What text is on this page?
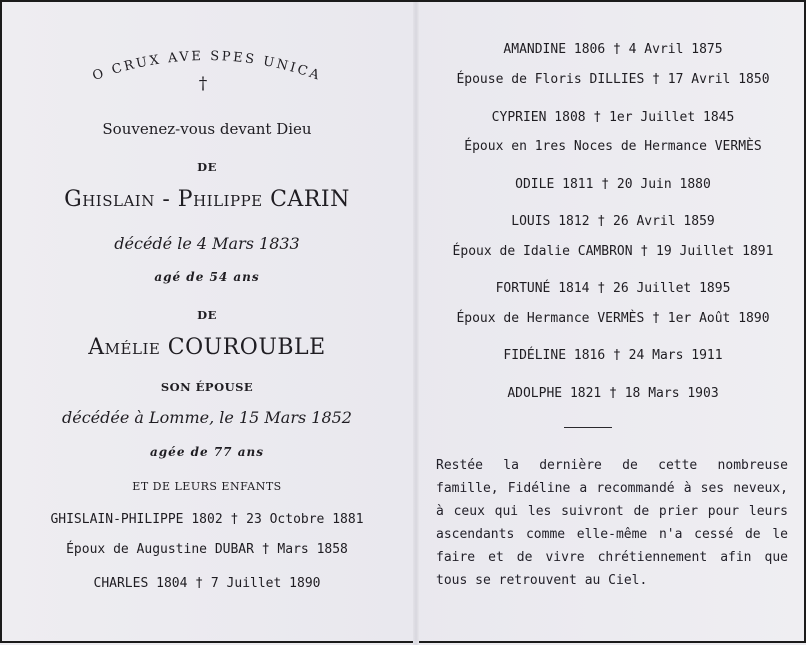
O CRUX AVE SPES UNICA
†
Souvenez-vous devant Dieu
DE
Ghislain - Philippe CARIN
décédé le 4 Mars 1833
agé de 54 ans
DE
Amélie COUROUBLE
SON ÉPOUSE
décédée à Lomme, le 15 Mars 1852
agée de 77 ans
ET DE LEURS ENFANTS
GHISLAIN-PHILIPPE 1802 † 23 Octobre 1881
Époux de Augustine DUBAR † Mars 1858
CHARLES 1804 † 7 Juillet 1890
AMANDINE 1806 † 4 Avril 1875
Épouse de Floris DILLIES † 17 Avril 1850
CYPRIEN 1808 † 1er Juillet 1845
Époux en 1res Noces de Hermance VERMÈS
ODILE 1811 † 20 Juin 1880
LOUIS 1812 † 26 Avril 1859
Époux de Idalie CAMBRON † 19 Juillet 1891
FORTUNÉ 1814 † 26 Juillet 1895
Époux de Hermance VERMÈS † 1er Août 1890
FIDÉLINE 1816 † 24 Mars 1911
ADOLPHE 1821 † 18 Mars 1903

Restée la dernière de cette nombreuse famille, Fidéline a recommandé à ses neveux, à ceux qui les suivront de prier pour leurs ascendants comme elle-même n'a cessé de le faire et de vivre chrétiennement afin que tous se retrouvent au Ciel.
